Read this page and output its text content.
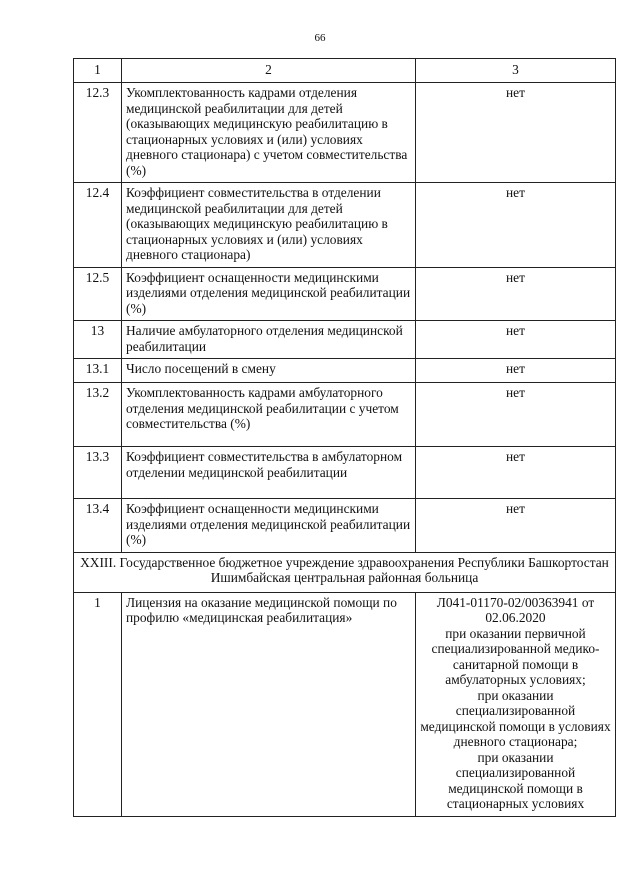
66
1	2	3
12.3	Укомплектованность кадрами отделения медицинской реабилитации для детей (оказывающих медицинскую реабилитацию в стационарных условиях и (или) условиях дневного стационара) с учетом совместительства (%)	нет
12.4	Коэффициент совместительства в отделении медицинской реабилитации для детей (оказывающих медицинскую реабилитацию в стационарных условиях и (или) условиях дневного стационара)	нет
12.5	Коэффициент оснащенности медицинскими изделиями отделения медицинской реабилитации (%)	нет
13	Наличие амбулаторного отделения медицинской реабилитации	нет
13.1	Число посещений в смену	нет
13.2	Укомплектованность кадрами амбулаторного отделения медицинской реабилитации с учетом совместительства (%)	нет
13.3	Коэффициент совместительства в амбулаторном отделении медицинской реабилитации	нет
13.4	Коэффициент оснащенности медицинскими изделиями отделения медицинской реабилитации (%)	нет
XXIII. Государственное бюджетное учреждение здравоохранения Республики Башкортостан Ишимбайская центральная районная больница		
1	Лицензия на оказание медицинской помощи по профилю «медицинская реабилитация»	Л041-01170-02/00363941 от
02.06.2020
при оказании первичной специализированной медико-санитарной помощи в амбулаторных условиях;
при оказании специализированной медицинской помощи в условиях дневного стационара;
при оказании специализированной медицинской помощи в стационарных условиях
